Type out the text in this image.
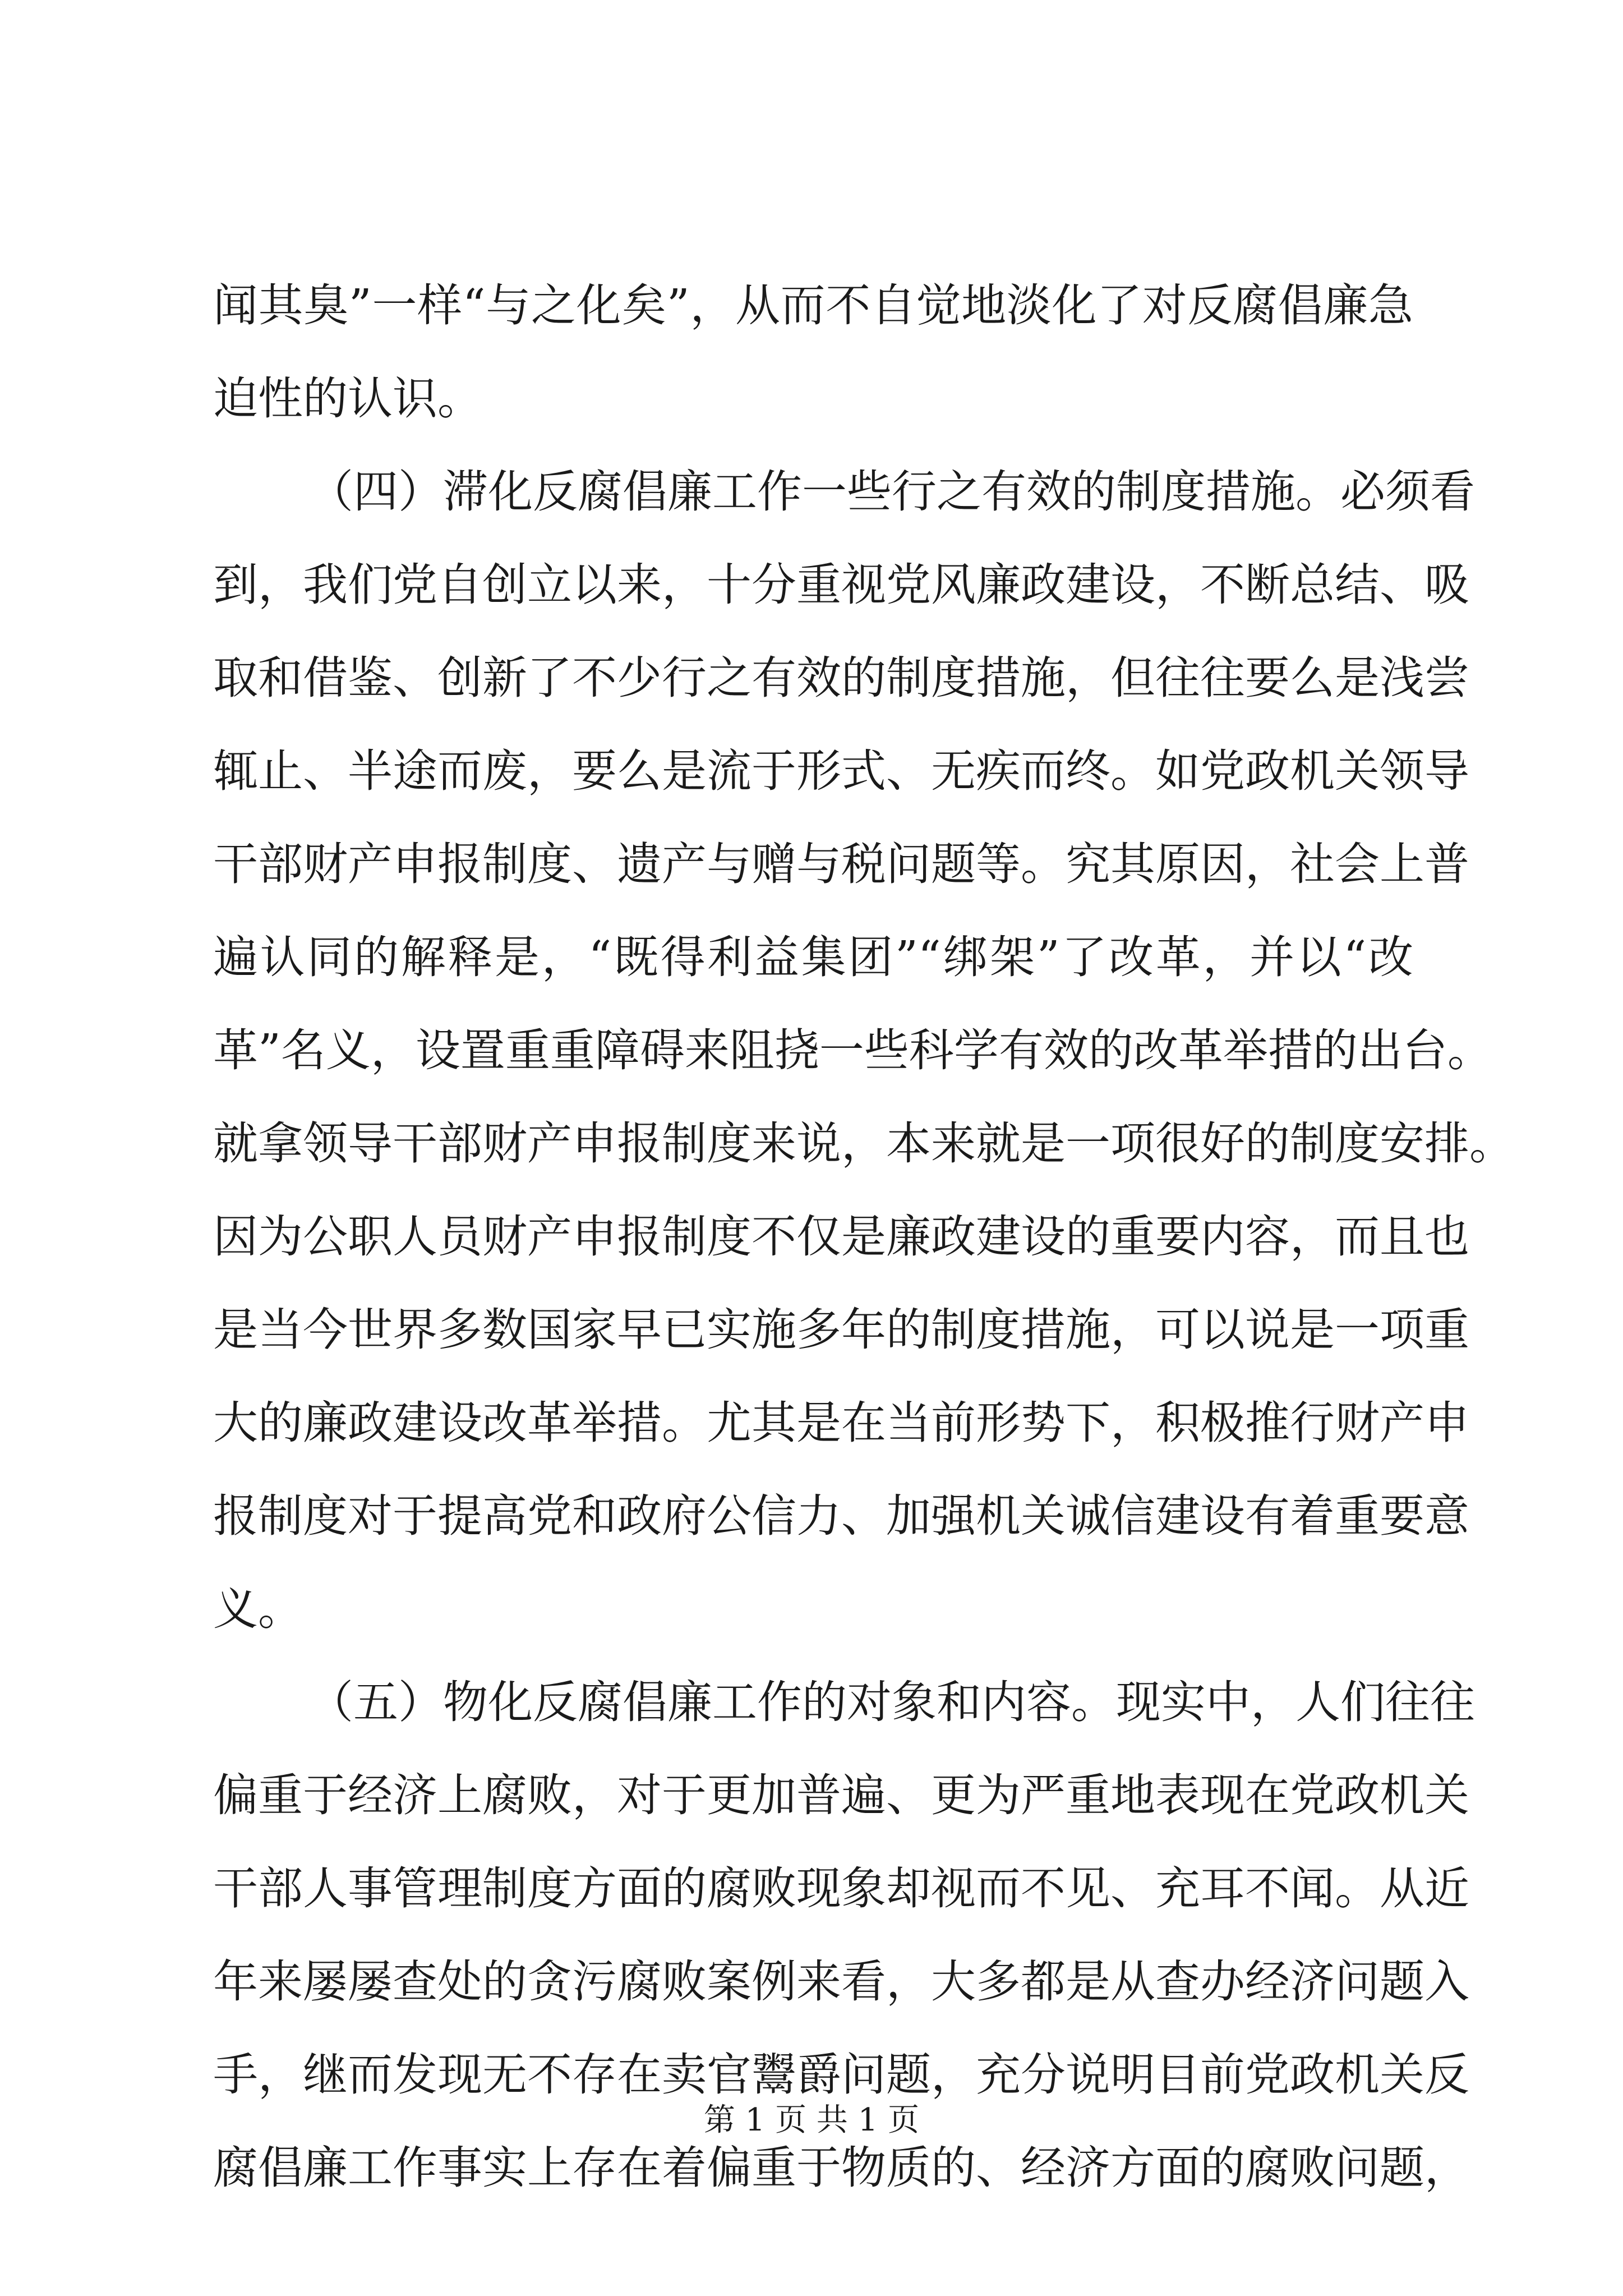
闻其臭”一样“与之化矣”，从而不自觉地淡化了对反腐倡廉急
迫性的认识。
（四）滞化反腐倡廉工作一些行之有效的制度措施。必须看
到，我们党自创立以来，十分重视党风廉政建设，不断总结、吸
取和借鉴、创新了不少行之有效的制度措施，但往往要么是浅尝
辄止、半途而废，要么是流于形式、无疾而终。如党政机关领导
干部财产申报制度、遗产与赠与税问题等。究其原因，社会上普
遍认同的解释是，“既得利益集团”“绑架”了改革，并以“改
革”名义，设置重重障碍来阻挠一些科学有效的改革举措的出台。
就拿领导干部财产申报制度来说，本来就是一项很好的制度安排。
因为公职人员财产申报制度不仅是廉政建设的重要内容，而且也
是当今世界多数国家早已实施多年的制度措施，可以说是一项重
大的廉政建设改革举措。尤其是在当前形势下，积极推行财产申
报制度对于提高党和政府公信力、加强机关诚信建设有着重要意
义。
（五）物化反腐倡廉工作的对象和内容。现实中，人们往往
偏重于经济上腐败，对于更加普遍、更为严重地表现在党政机关
干部人事管理制度方面的腐败现象却视而不见、充耳不闻。从近
年来屡屡查处的贪污腐败案例来看，大多都是从查办经济问题入
手，继而发现无不存在卖官鬻爵问题，充分说明目前党政机关反
腐倡廉工作事实上存在着偏重于物质的、经济方面的腐败问题，
第 1 页 共 1 页
